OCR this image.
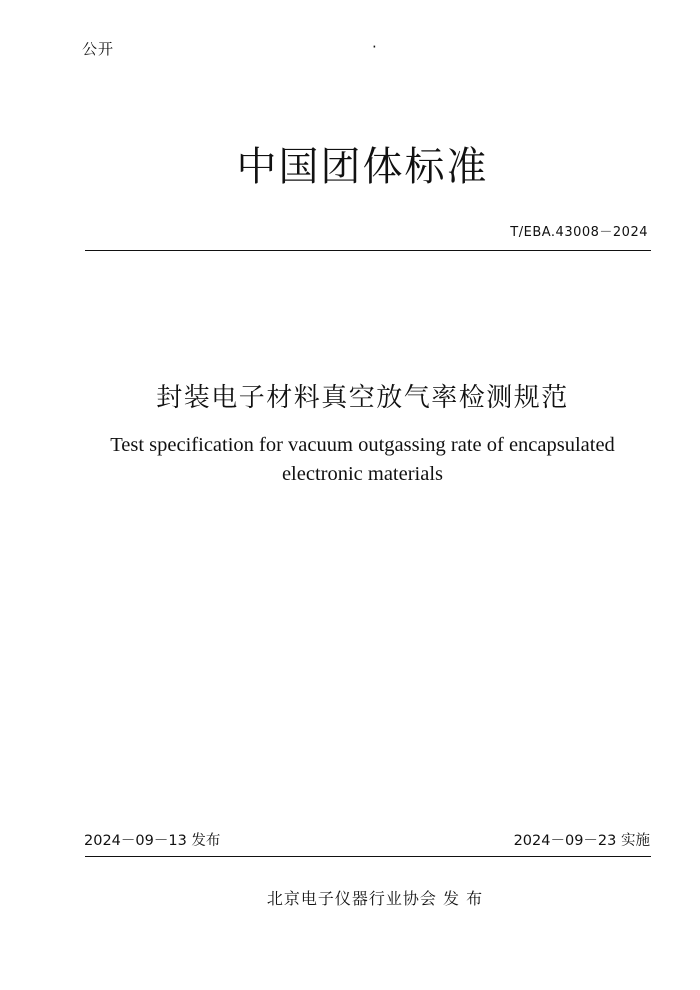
公开	·
中国团体标准
T/EBA.43008－2024
封装电子材料真空放气率检测规范
Test specification for vacuum outgassing rate of encapsulated electronic materials
2024－09－13 发布	2024－09－23 实施
北京电子仪器行业协会 发 布
